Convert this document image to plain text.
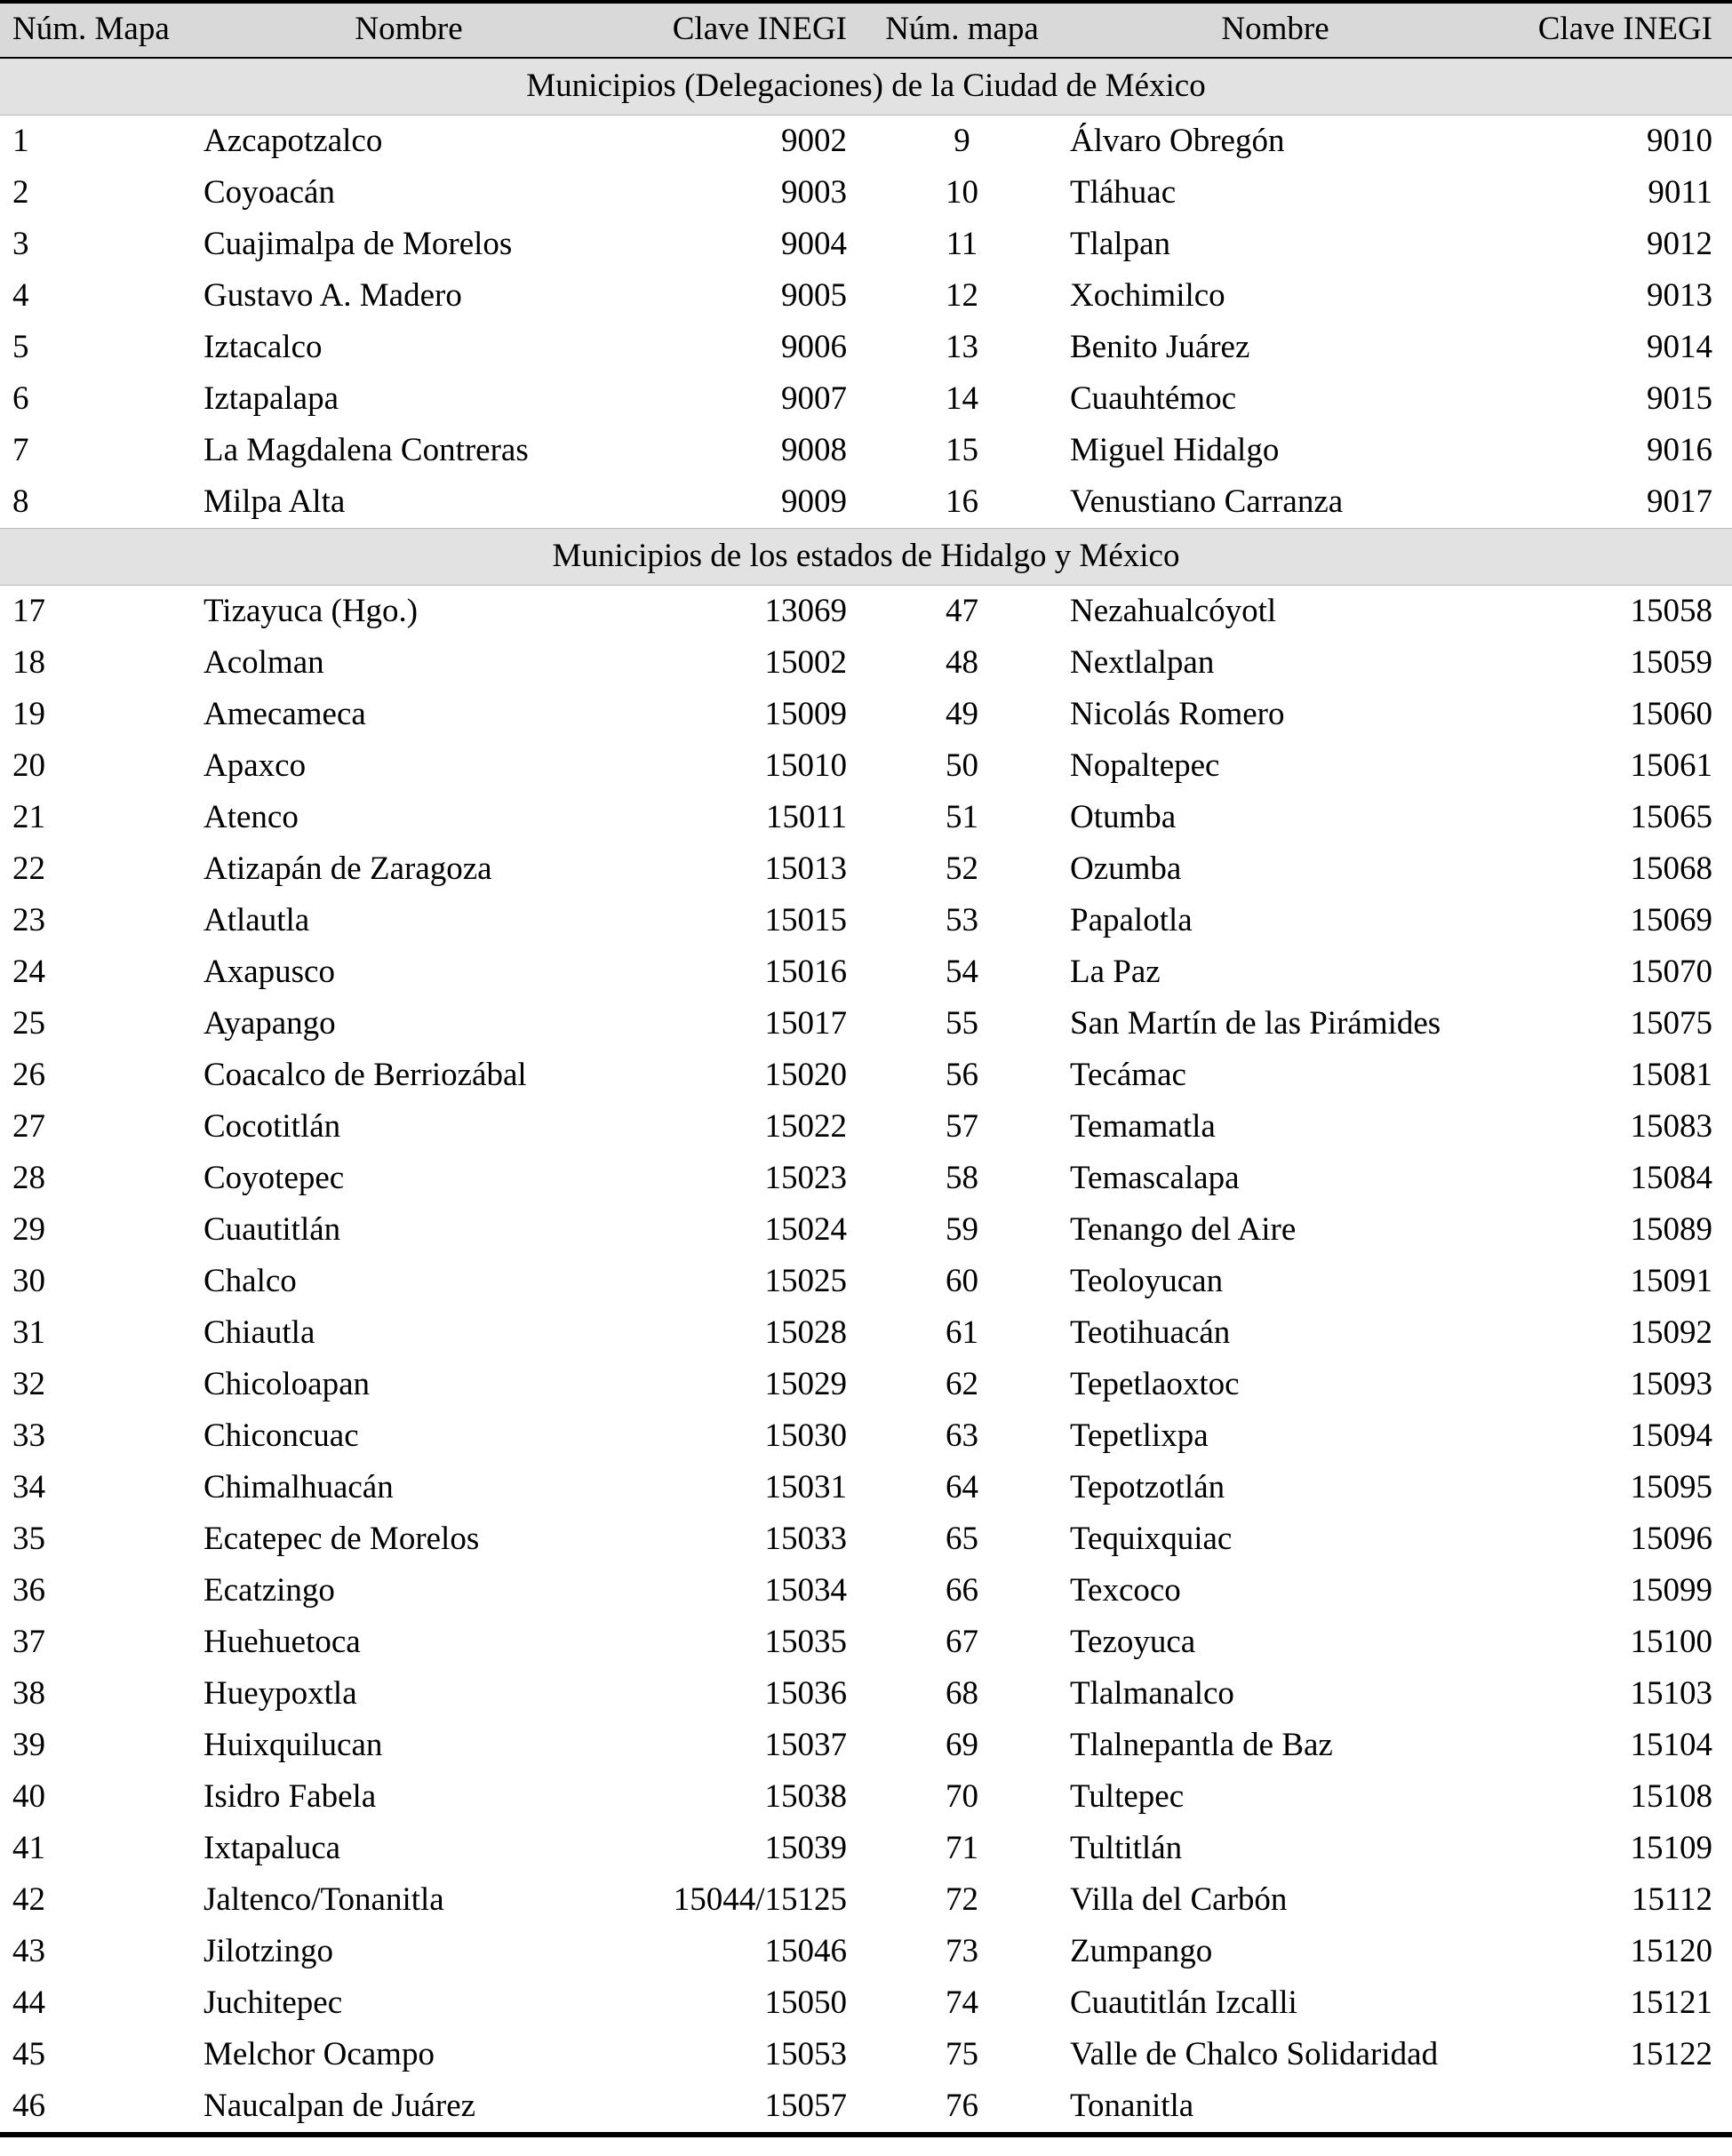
Núm. Mapa	Nombre	Clave INEGI	Núm. mapa	Nombre	Clave INEGI
Municipios (Delegaciones) de la Ciudad de México					
1	Azcapotzalco	9002	9	Álvaro Obregón	9010
2	Coyoacán	9003	10	Tláhuac	9011
3	Cuajimalpa de Morelos	9004	11	Tlalpan	9012
4	Gustavo A. Madero	9005	12	Xochimilco	9013
5	Iztacalco	9006	13	Benito Juárez	9014
6	Iztapalapa	9007	14	Cuauhtémoc	9015
7	La Magdalena Contreras	9008	15	Miguel Hidalgo	9016
8	Milpa Alta	9009	16	Venustiano Carranza	9017
Municipios de los estados de Hidalgo y México					
17	Tizayuca (Hgo.)	13069	47	Nezahualcóyotl	15058
18	Acolman	15002	48	Nextlalpan	15059
19	Amecameca	15009	49	Nicolás Romero	15060
20	Apaxco	15010	50	Nopaltepec	15061
21	Atenco	15011	51	Otumba	15065
22	Atizapán de Zaragoza	15013	52	Ozumba	15068
23	Atlautla	15015	53	Papalotla	15069
24	Axapusco	15016	54	La Paz	15070
25	Ayapango	15017	55	San Martín de las Pirámides	15075
26	Coacalco de Berriozábal	15020	56	Tecámac	15081
27	Cocotitlán	15022	57	Temamatla	15083
28	Coyotepec	15023	58	Temascalapa	15084
29	Cuautitlán	15024	59	Tenango del Aire	15089
30	Chalco	15025	60	Teoloyucan	15091
31	Chiautla	15028	61	Teotihuacán	15092
32	Chicoloapan	15029	62	Tepetlaoxtoc	15093
33	Chiconcuac	15030	63	Tepetlixpa	15094
34	Chimalhuacán	15031	64	Tepotzotlán	15095
35	Ecatepec de Morelos	15033	65	Tequixquiac	15096
36	Ecatzingo	15034	66	Texcoco	15099
37	Huehuetoca	15035	67	Tezoyuca	15100
38	Hueypoxtla	15036	68	Tlalmanalco	15103
39	Huixquilucan	15037	69	Tlalnepantla de Baz	15104
40	Isidro Fabela	15038	70	Tultepec	15108
41	Ixtapaluca	15039	71	Tultitlán	15109
42	Jaltenco/Tonanitla	15044/15125	72	Villa del Carbón	15112
43	Jilotzingo	15046	73	Zumpango	15120
44	Juchitepec	15050	74	Cuautitlán Izcalli	15121
45	Melchor Ocampo	15053	75	Valle de Chalco Solidaridad	15122
46	Naucalpan de Juárez	15057	76	Tonanitla	
